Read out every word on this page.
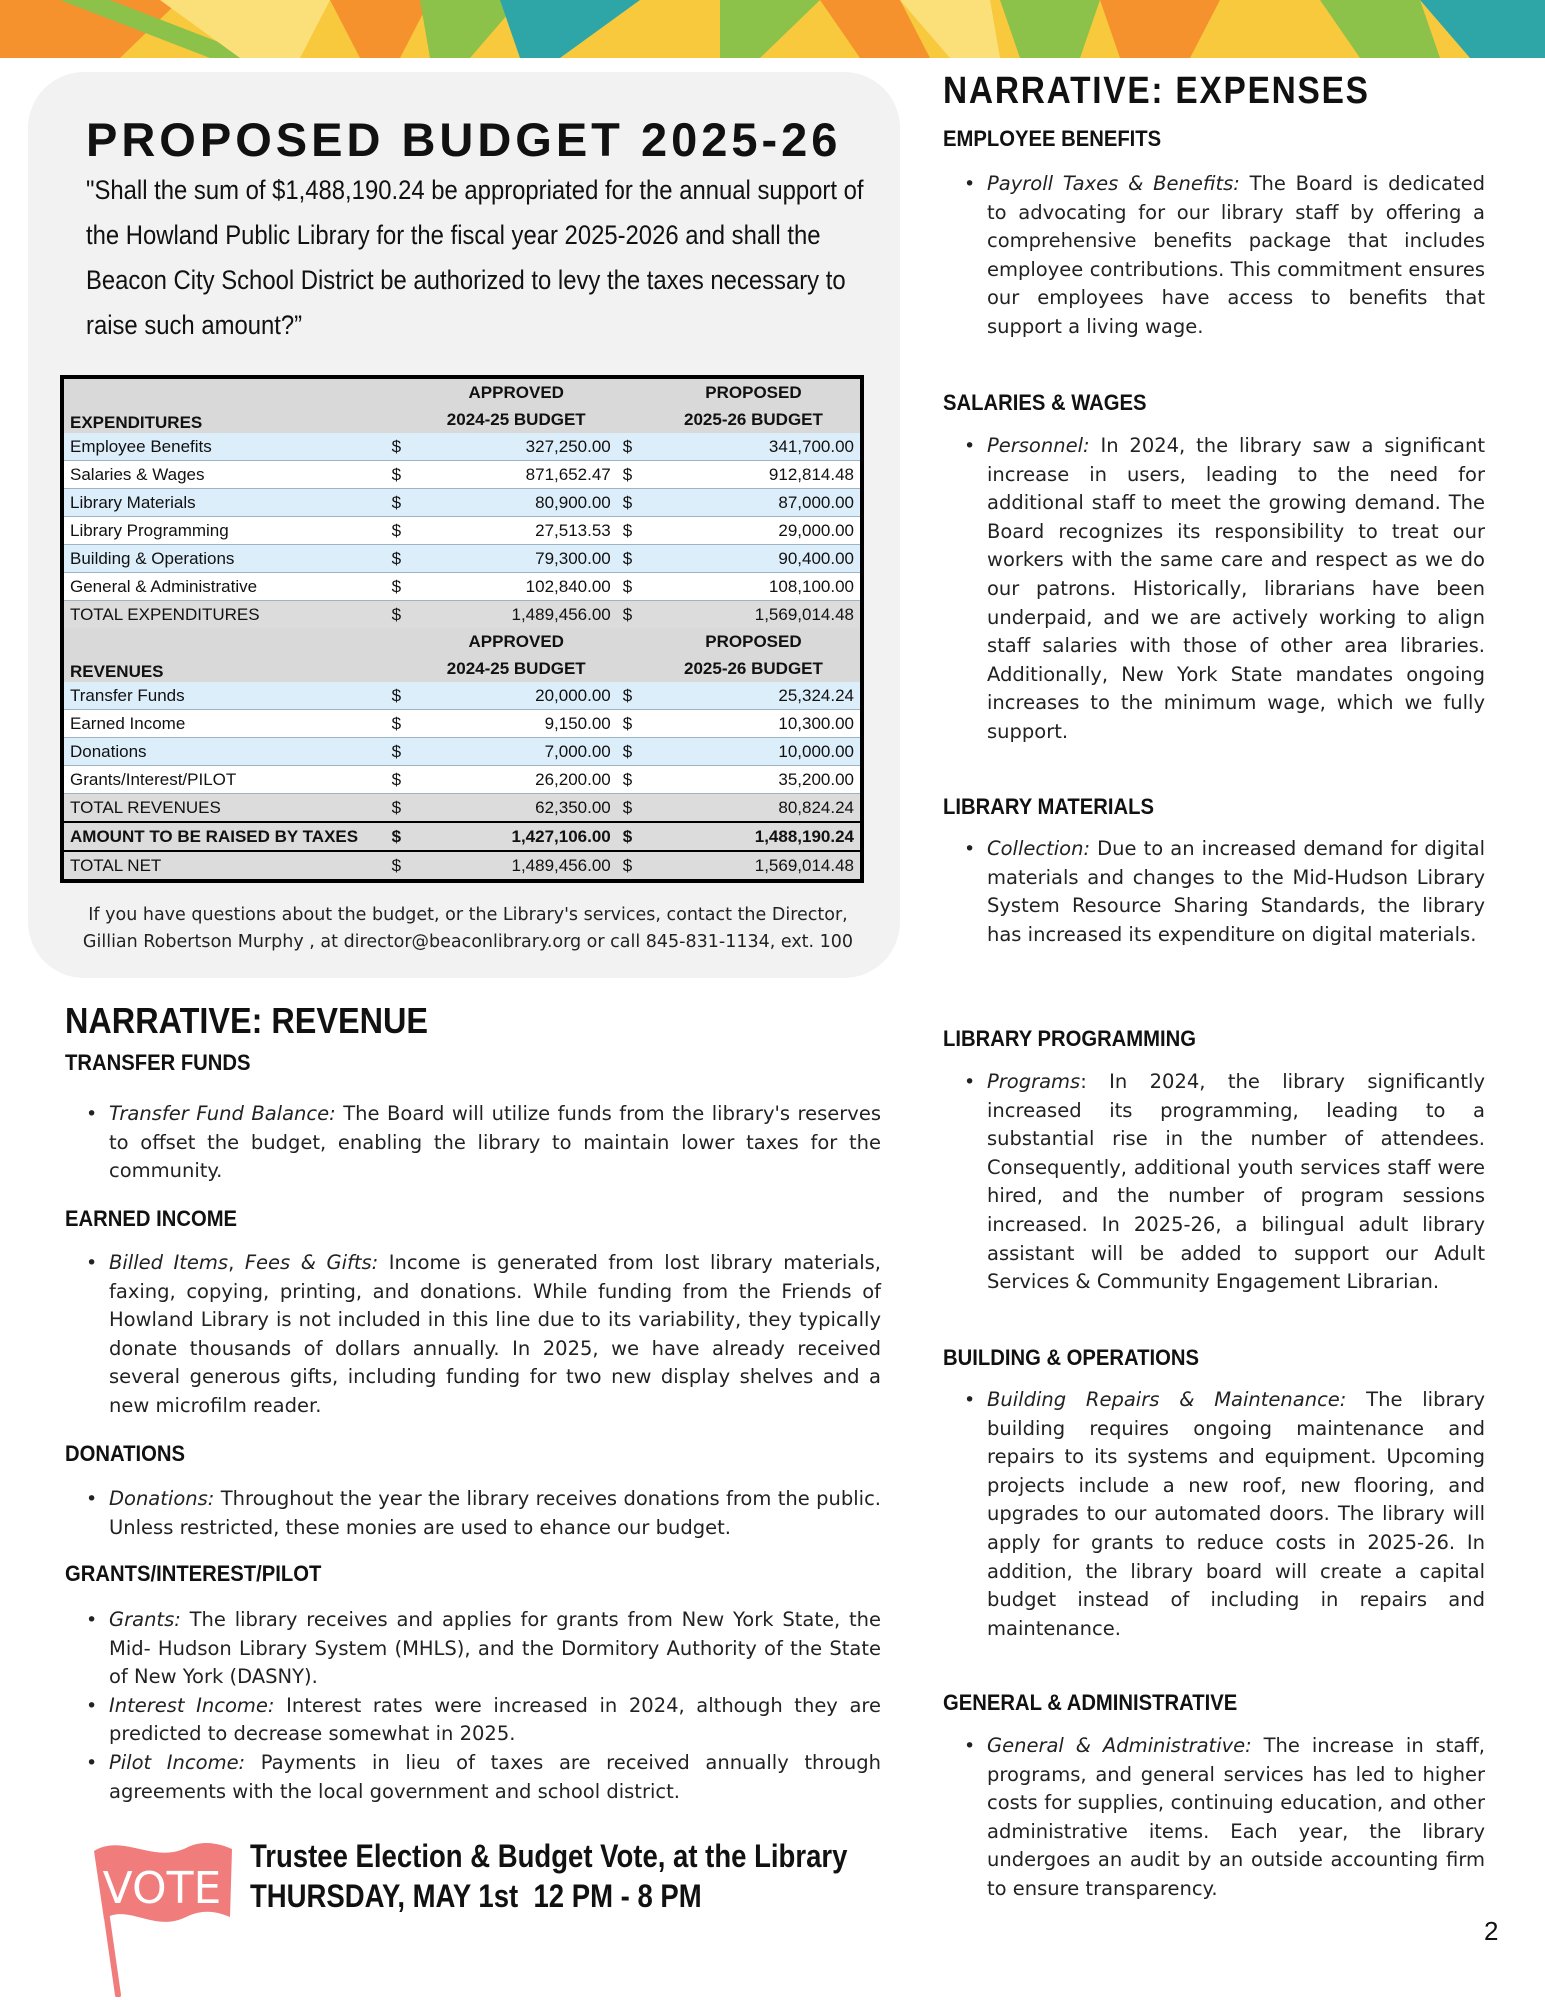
PROPOSED BUDGET 2025-26

"Shall the sum of $1,488,190.24 be appropriated for the annual support of the Howland Public Library for the fiscal year 2025-2026 and shall the Beacon City School District be authorized to levy the taxes necessary to raise such amount?”

		APPROVED		PROPOSED
EXPENDITURES		2024-25 BUDGET		2025-26 BUDGET
Employee Benefits	$	327,250.00	$	341,700.00
Salaries & Wages	$	871,652.47	$	912,814.48
Library Materials	$	80,900.00	$	87,000.00
Library Programming	$	27,513.53	$	29,000.00
Building & Operations	$	79,300.00	$	90,400.00
General & Administrative	$	102,840.00	$	108,100.00
TOTAL EXPENDITURES	$	1,489,456.00	$	1,569,014.48
		APPROVED		PROPOSED
REVENUES		2024-25 BUDGET		2025-26 BUDGET
Transfer Funds	$	20,000.00	$	25,324.24
Earned Income	$	9,150.00	$	10,300.00
Donations	$	7,000.00	$	10,000.00
Grants/Interest/PILOT	$	26,200.00	$	35,200.00
TOTAL REVENUES	$	62,350.00	$	80,824.24
AMOUNT TO BE RAISED BY TAXES	$	1,427,106.00	$	1,488,190.24
TOTAL NET	$	1,489,456.00	$	1,569,014.48

If you have questions about the budget, or the Library's services, contact the Director,
Gillian Robertson Murphy , at director@beaconlibrary.org or call 845-831-1134, ext. 100

NARRATIVE: REVENUE
TRANSFER FUNDS
• Transfer Fund Balance: The Board will utilize funds from the library's reserves to offset the budget, enabling the library to maintain lower taxes for the community.
EARNED INCOME
• Billed Items, Fees & Gifts: Income is generated from lost library materials, faxing, copying, printing, and donations. While funding from the Friends of Howland Library is not included in this line due to its variability, they typically donate thousands of dollars annually. In 2025, we have already received several generous gifts, including funding for two new display shelves and a new microfilm reader.
DONATIONS
• Donations: Throughout the year the library receives donations from the public. Unless restricted, these monies are used to ehance our budget.
GRANTS/INTEREST/PILOT
• Grants: The library receives and applies for grants from New York State, the Mid- Hudson Library System (MHLS), and the Dormitory Authority of the State of New York (DASNY).
• Interest Income: Interest rates were increased in 2024, although they are predicted to decrease somewhat in 2025.
• Pilot Income: Payments in lieu of taxes are received annually through agreements with the local government and school district.
NARRATIVE: EXPENSES
EMPLOYEE BENEFITS
• Payroll Taxes & Benefits: The Board is dedicated to advocating for our library staff by offering a comprehensive benefits package that includes employee contributions. This commitment ensures our employees have access to benefits that support a living wage.
SALARIES & WAGES
• Personnel: In 2024, the library saw a significant increase in users, leading to the need for additional staff to meet the growing demand. The Board recognizes its responsibility to treat our workers with the same care and respect as we do our patrons. Historically, librarians have been underpaid, and we are actively working to align staff salaries with those of other area libraries. Additionally, New York State mandates ongoing increases to the minimum wage, which we fully support.
LIBRARY MATERIALS
• Collection: Due to an increased demand for digital materials and changes to the Mid-Hudson Library System Resource Sharing Standards, the library has increased its expenditure on digital materials.
LIBRARY PROGRAMMING
• Programs: In 2024, the library significantly increased its programming, leading to a substantial rise in the number of attendees. Consequently, additional youth services staff were hired, and the number of program sessions increased. In 2025-26, a bilingual adult library assistant will be added to support our Adult Services & Community Engagement Librarian.
BUILDING & OPERATIONS
• Building Repairs & Maintenance: The library building requires ongoing maintenance and repairs to its systems and equipment. Upcoming projects include a new roof, new flooring, and upgrades to our automated doors. The library will apply for grants to reduce costs in 2025-26. In addition, the library board will create a capital budget instead of including in repairs and maintenance.
GENERAL & ADMINISTRATIVE
• General & Administrative: The increase in staff, programs, and general services has led to higher costs for supplies, continuing education, and other administrative items. Each year, the library undergoes an audit by an outside accounting firm to ensure transparency.
VOTE

Trustee Election & Budget Vote, at the Library
THURSDAY, MAY 1st  12 PM - 8 PM

2
